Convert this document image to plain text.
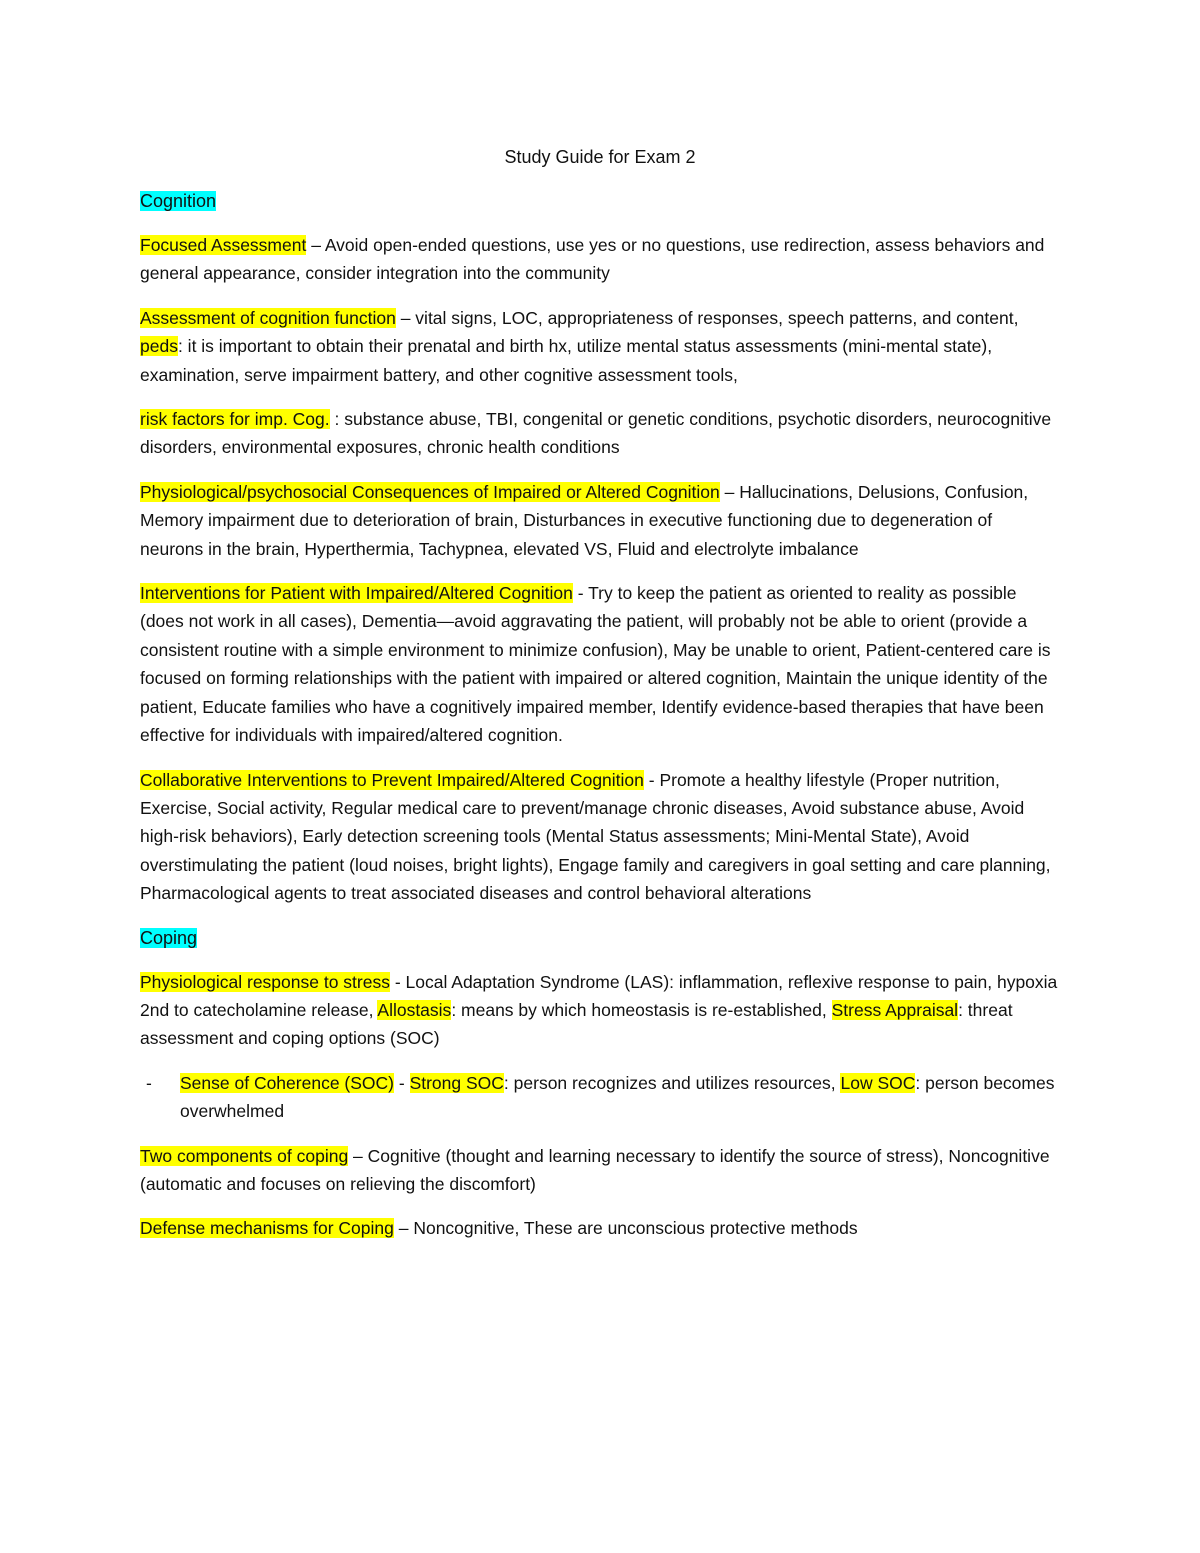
Study Guide for Exam 2
Cognition

Focused Assessment – Avoid open-ended questions, use yes or no questions, use redirection, assess behaviors and general appearance, consider integration into the community

Assessment of cognition function – vital signs, LOC, appropriateness of responses, speech patterns, and content, peds: it is important to obtain their prenatal and birth hx, utilize mental status assessments (mini-mental state), examination, serve impairment battery, and other cognitive assessment tools,

risk factors for imp. Cog. : substance abuse, TBI, congenital or genetic conditions, psychotic disorders, neurocognitive disorders, environmental exposures, chronic health conditions

Physiological/psychosocial Consequences of Impaired or Altered Cognition – Hallucinations, Delusions, Confusion, Memory impairment due to deterioration of brain, Disturbances in executive functioning due to degeneration of neurons in the brain, Hyperthermia, Tachypnea, elevated VS, Fluid and electrolyte imbalance

Interventions for Patient with Impaired/Altered Cognition - Try to keep the patient as oriented to reality as possible (does not work in all cases), Dementia—avoid aggravating the patient, will probably not be able to orient (provide a consistent routine with a simple environment to minimize confusion), May be unable to orient, Patient-centered care is focused on forming relationships with the patient with impaired or altered cognition, Maintain the unique identity of the patient, Educate families who have a cognitively impaired member, Identify evidence-based therapies that have been effective for individuals with impaired/altered cognition.

Collaborative Interventions to Prevent Impaired/Altered Cognition - Promote a healthy lifestyle (Proper nutrition, Exercise, Social activity, Regular medical care to prevent/manage chronic diseases, Avoid substance abuse, Avoid high-risk behaviors), Early detection screening tools (Mental Status assessments; Mini-Mental State), Avoid overstimulating the patient (loud noises, bright lights), Engage family and caregivers in goal setting and care planning, Pharmacological agents to treat associated diseases and control behavioral alterations

Coping

Physiological response to stress - Local Adaptation Syndrome (LAS): inflammation, reflexive response to pain, hypoxia 2nd to catecholamine release, Allostasis: means by which homeostasis is re-established, Stress Appraisal: threat assessment and coping options (SOC)

-	Sense of Coherence (SOC) - Strong SOC: person recognizes and utilizes resources, Low SOC: person becomes overwhelmed

Two components of coping – Cognitive (thought and learning necessary to identify the source of stress), Noncognitive (automatic and focuses on relieving the discomfort)

Defense mechanisms for Coping – Noncognitive, These are unconscious protective methods
